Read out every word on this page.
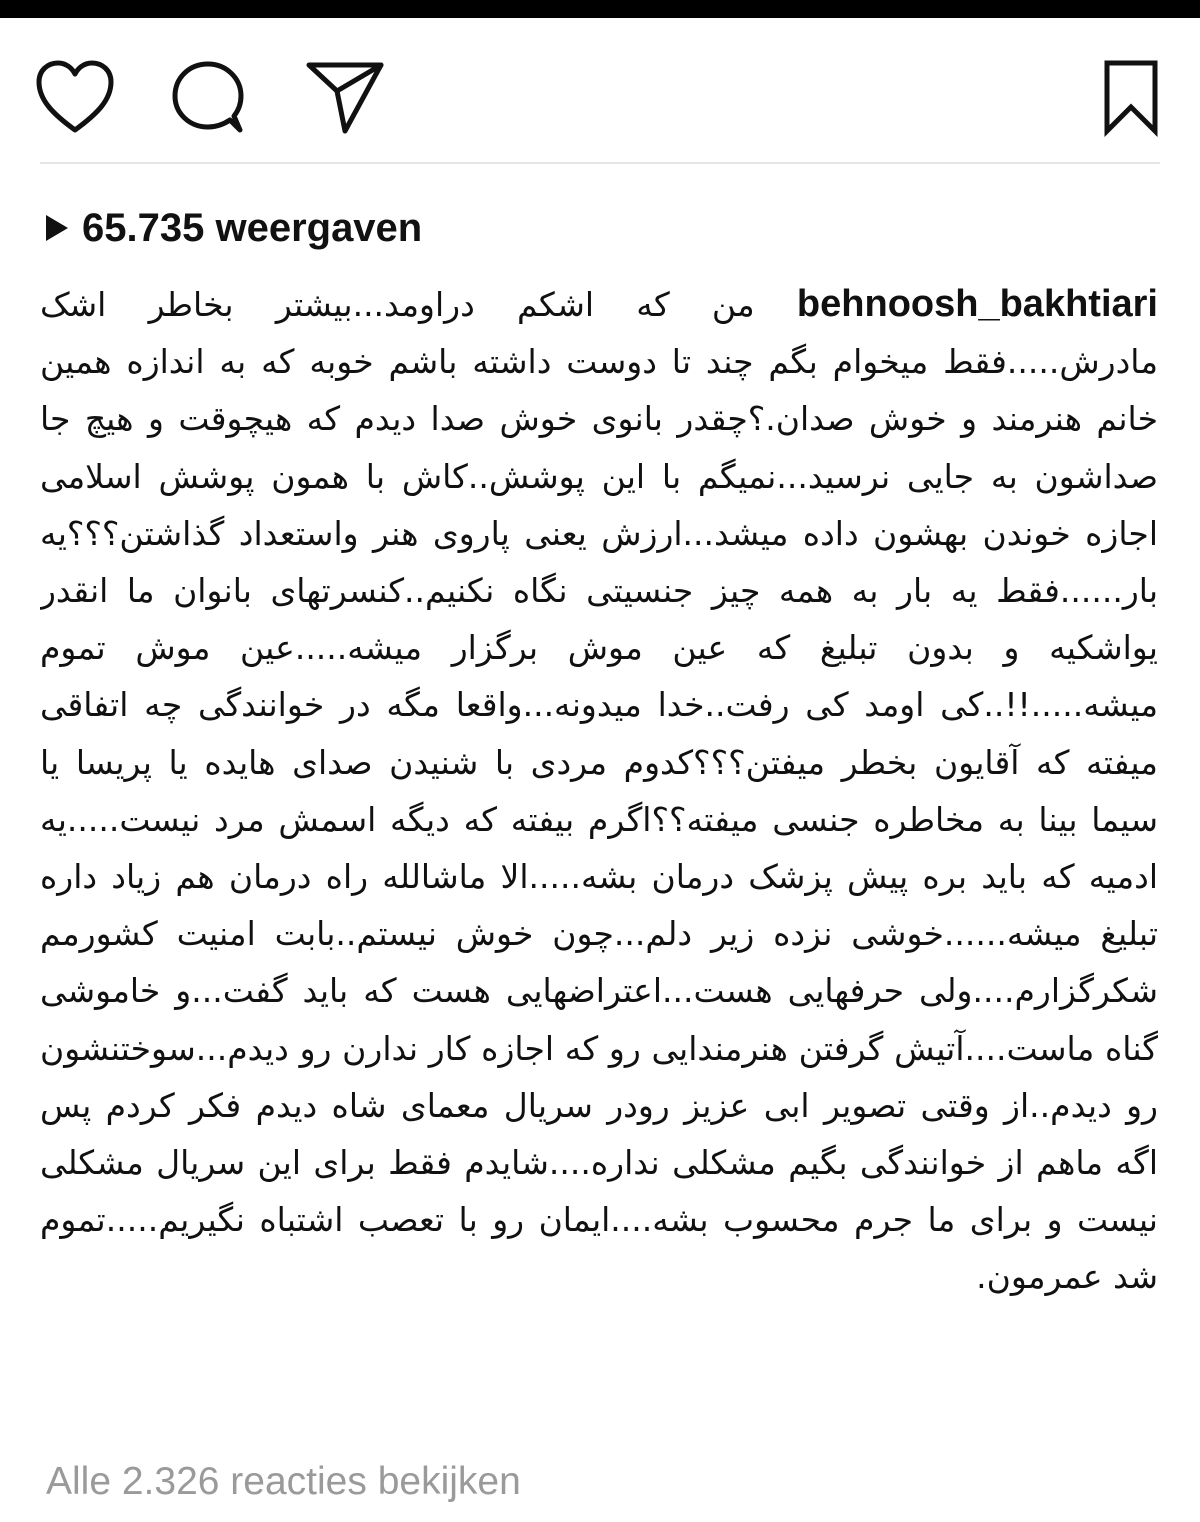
65.735 weergaven
behnoosh_bakhtiari من که اشکم دراومد...بیشتر بخاطر اشک مادرش.....فقط میخوام بگم چند تا دوست داشته باشم خوبه که به اندازه همین خانم هنرمند و خوش صدان.؟چقدر بانوی خوش صدا دیدم که هیچوقت و هیچ جا صداشون به جایی نرسید...نمیگم با این پوشش..کاش با همون پوشش اسلامی اجازه خوندن بهشون داده میشد...ارزش یعنی پاروی هنر واستعداد گذاشتن؟؟؟یه بار......فقط یه بار به همه چیز جنسیتی نگاه نکنیم..کنسرتهای بانوان ما انقدر یواشکیه و بدون تبلیغ که عین موش برگزار میشه.....عین موش تموم میشه.....!!..کی اومد کی رفت..خدا میدونه...واقعا مگه در خوانندگی چه اتفاقی میفته که آقایون بخطر میفتن؟؟؟کدوم مردی با شنیدن صدای هایده یا پریسا یا سیما بینا به مخاطره جنسی میفته؟؟اگرم بیفته که دیگه اسمش مرد نیست.....یه ادمیه که باید بره پیش پزشک درمان بشه.....الا ماشالله راه درمان هم زیاد داره تبلیغ میشه......خوشی نزده زیر دلم...چون خوش نیستم..بابت امنیت کشورمم شکرگزارم....ولی حرفهایی هست...اعتراضهایی هست که باید گفت...و خاموشی گناه ماست....آتیش گرفتن هنرمندایی رو که اجازه کار ندارن رو دیدم...سوختنشون رو دیدم..از وقتی تصویر ابی عزیز رودر سریال معمای شاه دیدم فکر کردم پس اگه ماهم از خوانندگی بگیم مشکلی نداره....شایدم فقط برای این سریال مشکلی نیست و برای ما جرم محسوب بشه....ایمان رو با تعصب اشتباه نگیریم.....تموم شد عمرمون.
Alle 2.326 reacties bekijken
